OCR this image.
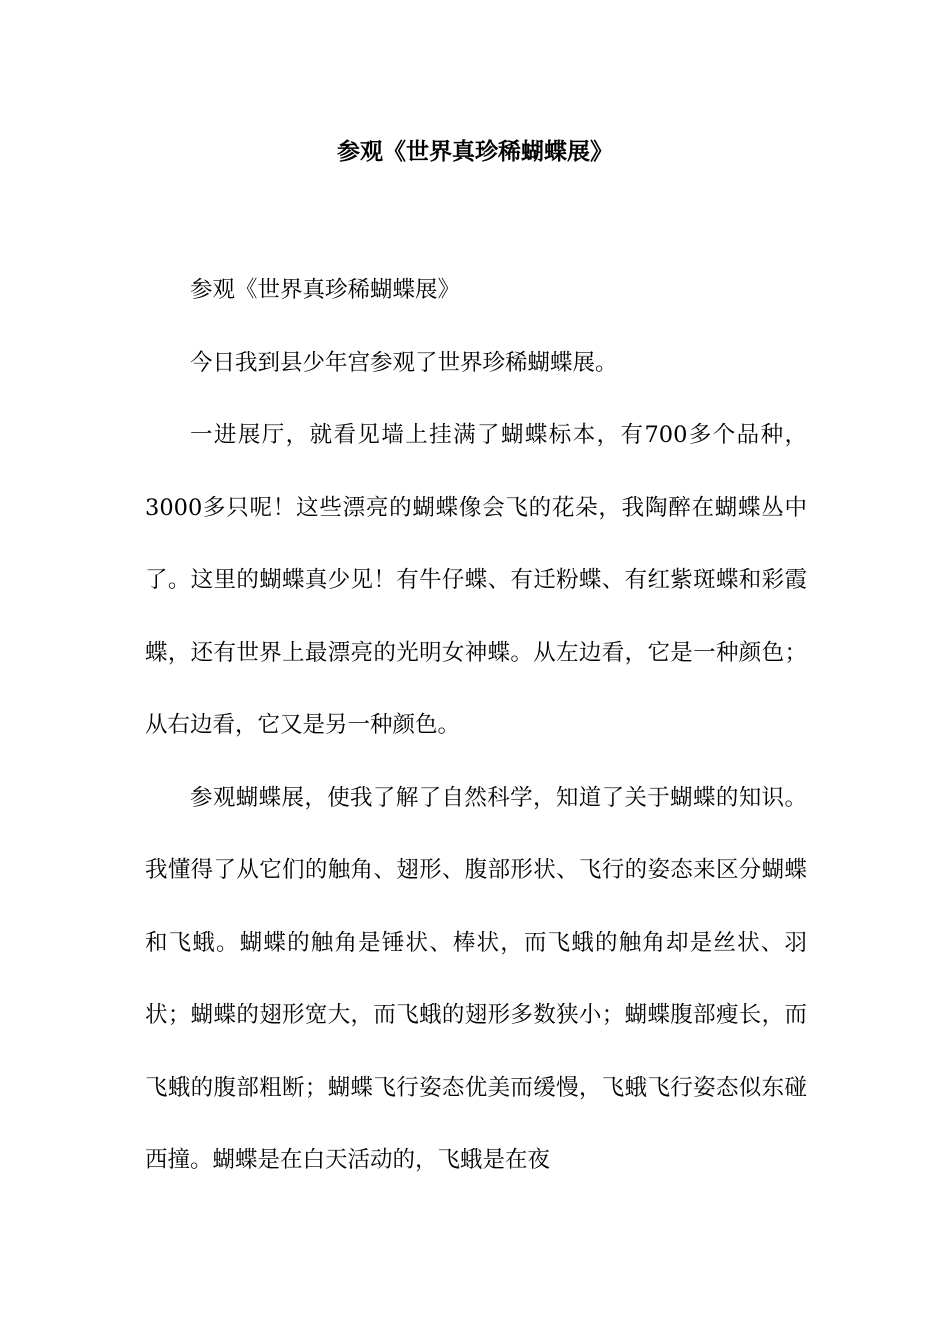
参观《世界真珍稀蝴蝶展》

参观《世界真珍稀蝴蝶展》

今日我到县少年宫参观了世界珍稀蝴蝶展。

一进展厅，就看见墙上挂满了蝴蝶标本，有700多个品种，3000多只呢！这些漂亮的蝴蝶像会飞的花朵，我陶醉在蝴蝶丛中了。这里的蝴蝶真少见！有牛仔蝶、有迁粉蝶、有红紫斑蝶和彩霞蝶，还有世界上最漂亮的光明女神蝶。从左边看，它是一种颜色；从右边看，它又是另一种颜色。

参观蝴蝶展，使我了解了自然科学，知道了关于蝴蝶的知识。我懂得了从它们的触角、翅形、腹部形状、飞行的姿态来区分蝴蝶和飞蛾。蝴蝶的触角是锤状、棒状，而飞蛾的触角却是丝状、羽状；蝴蝶的翅形宽大，而飞蛾的翅形多数狭小；蝴蝶腹部瘦长，而飞蛾的腹部粗断；蝴蝶飞行姿态优美而缓慢，飞蛾飞行姿态似东碰西撞。蝴蝶是在白天活动的，飞蛾是在夜
